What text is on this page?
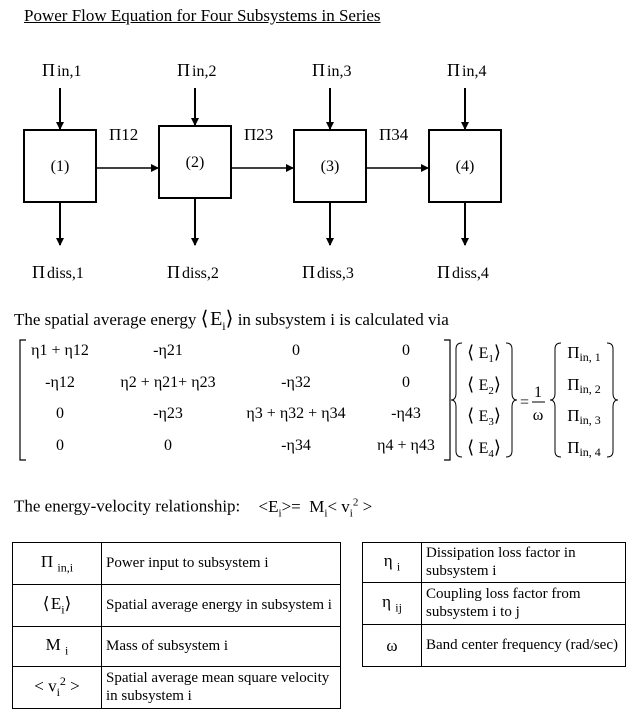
Power Flow Equation for Four Subsystems in Series
Π in,1
(1)
Π diss,1
Π in,2
(2)
Π diss,2
Π in,3
(3)
Π diss,3
Π in,4
(4)
Π diss,4
Π12	Π23	Π34
The spatial average energy ⟨ $E_i⟩$ in subsystem i is calculated via
η1 + η12	-η21	0	0
-η12	η2 + η21+ η23	-η32	0
0	-η23	η3 + η32 + η34	-η43
0	0	-η34	η4 + η43
⟨ $E_1⟩$
⟨ $E_2⟩$
⟨ $E_3⟩$
⟨ $E_4⟩$
=
1
ω
Πin, 1
Πin, 2
Πin, 3
Πin, 4
The energy-velocity relationship: $<E_i>= M_i< v_i^2$ >
Π $_{in,i}$	Power input to subsystem i
⟨ $E_i⟩$	Spatial average energy in subsystem i
M $_i$	Mass of subsystem i
< $v_i^2$ >	Spatial average mean square velocity in subsystem i
η $_i$	Dissipation loss factor in subsystem i
η $_{ij}$	Coupling loss factor from subsystem i to j
ω	Band center frequency (rad/sec)
